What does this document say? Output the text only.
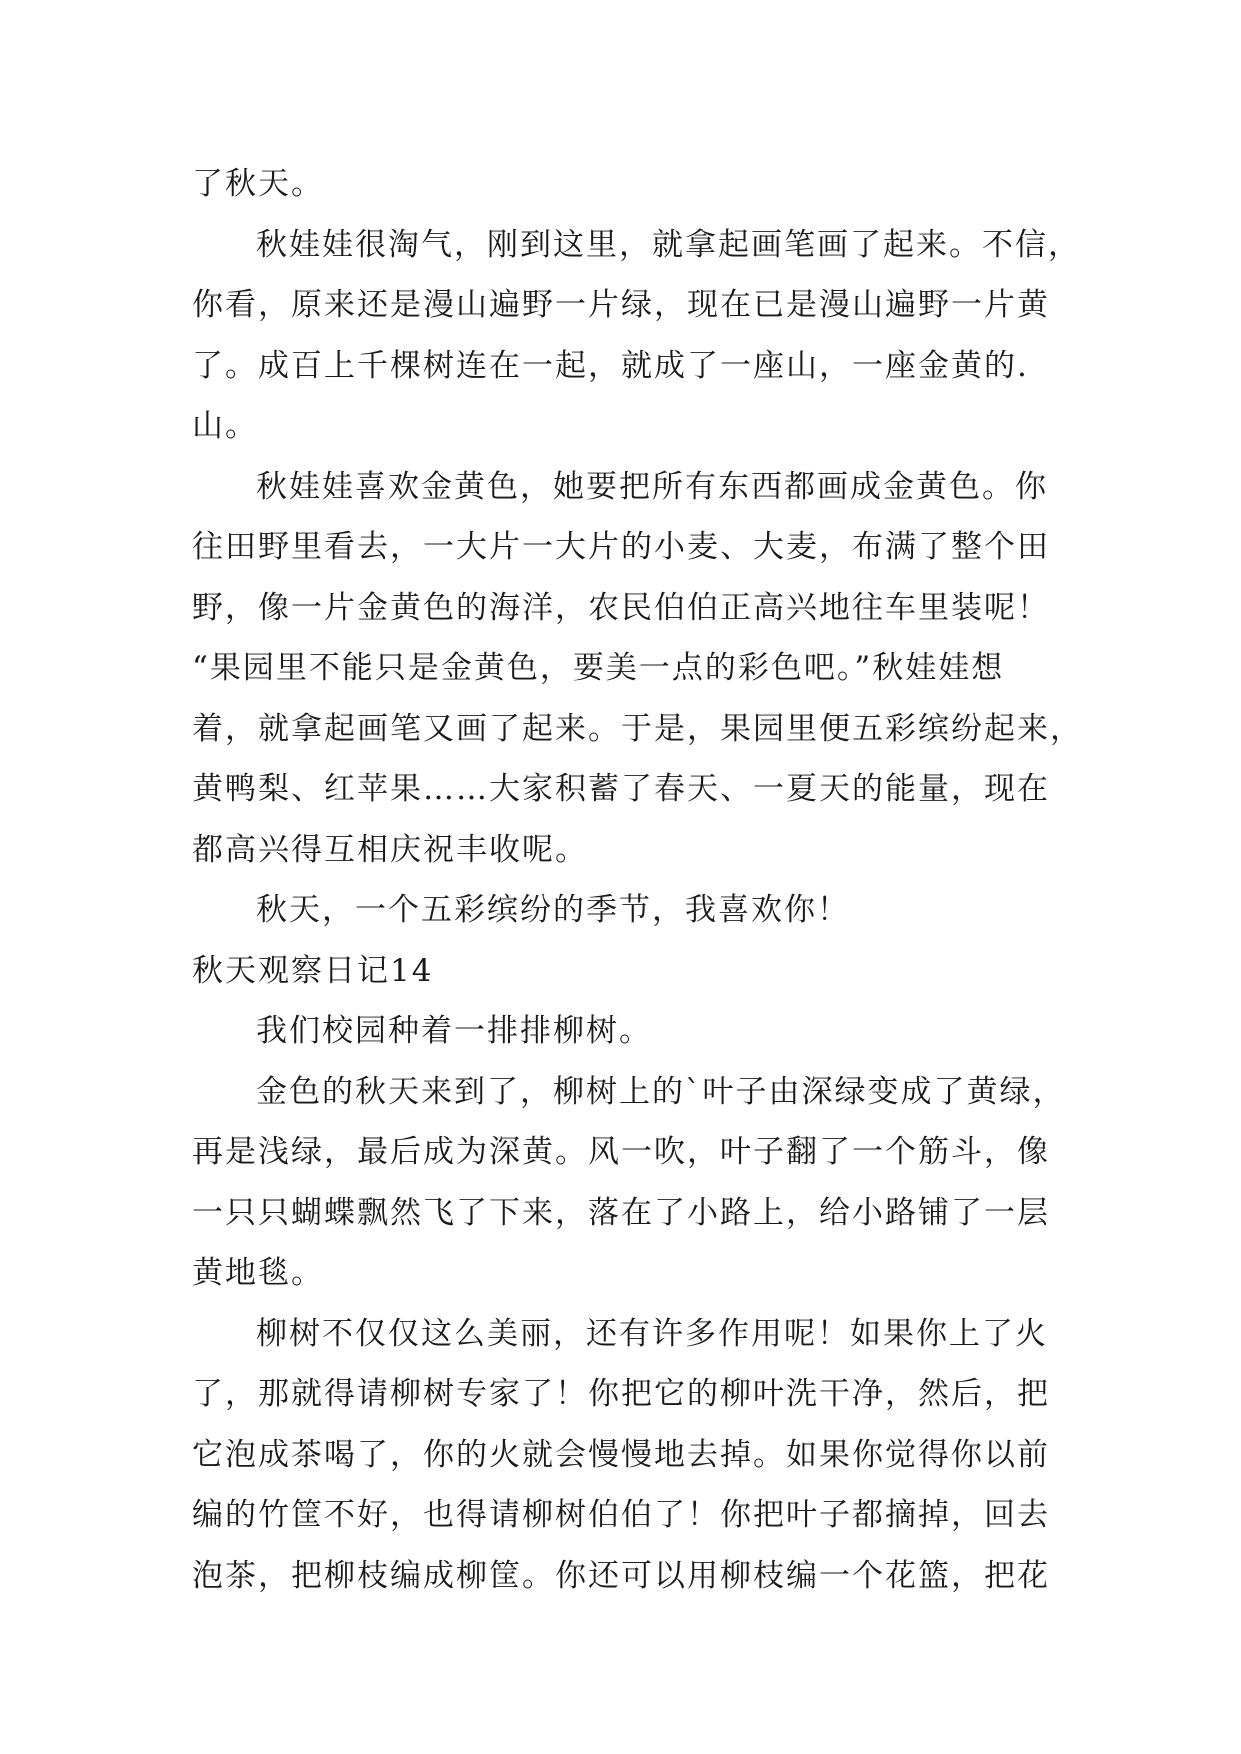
了秋天。
秋娃娃很淘气，刚到这里，就拿起画笔画了起来。不信，
你看，原来还是漫山遍野一片绿，现在已是漫山遍野一片黄
了。成百上千棵树连在一起，就成了一座山，一座金黄的.
山。
秋娃娃喜欢金黄色，她要把所有东西都画成金黄色。你
往田野里看去，一大片一大片的小麦、大麦，布满了整个田
野，像一片金黄色的海洋，农民伯伯正高兴地往车里装呢！
“果园里不能只是金黄色，要美一点的彩色吧。”秋娃娃想
着，就拿起画笔又画了起来。于是，果园里便五彩缤纷起来，
黄鸭梨、红苹果……大家积蓄了春天、一夏天的能量，现在
都高兴得互相庆祝丰收呢。
秋天，一个五彩缤纷的季节，我喜欢你！
秋天观察日记14
我们校园种着一排排柳树。
金色的秋天来到了，柳树上的`叶子由深绿变成了黄绿，
再是浅绿，最后成为深黄。风一吹，叶子翻了一个筋斗，像
一只只蝴蝶飘然飞了下来，落在了小路上，给小路铺了一层
黄地毯。
柳树不仅仅这么美丽，还有许多作用呢！如果你上了火
了，那就得请柳树专家了！你把它的柳叶洗干净，然后，把
它泡成茶喝了，你的火就会慢慢地去掉。如果你觉得你以前
编的竹筐不好，也得请柳树伯伯了！你把叶子都摘掉，回去
泡茶，把柳枝编成柳筐。你还可以用柳枝编一个花篮，把花
